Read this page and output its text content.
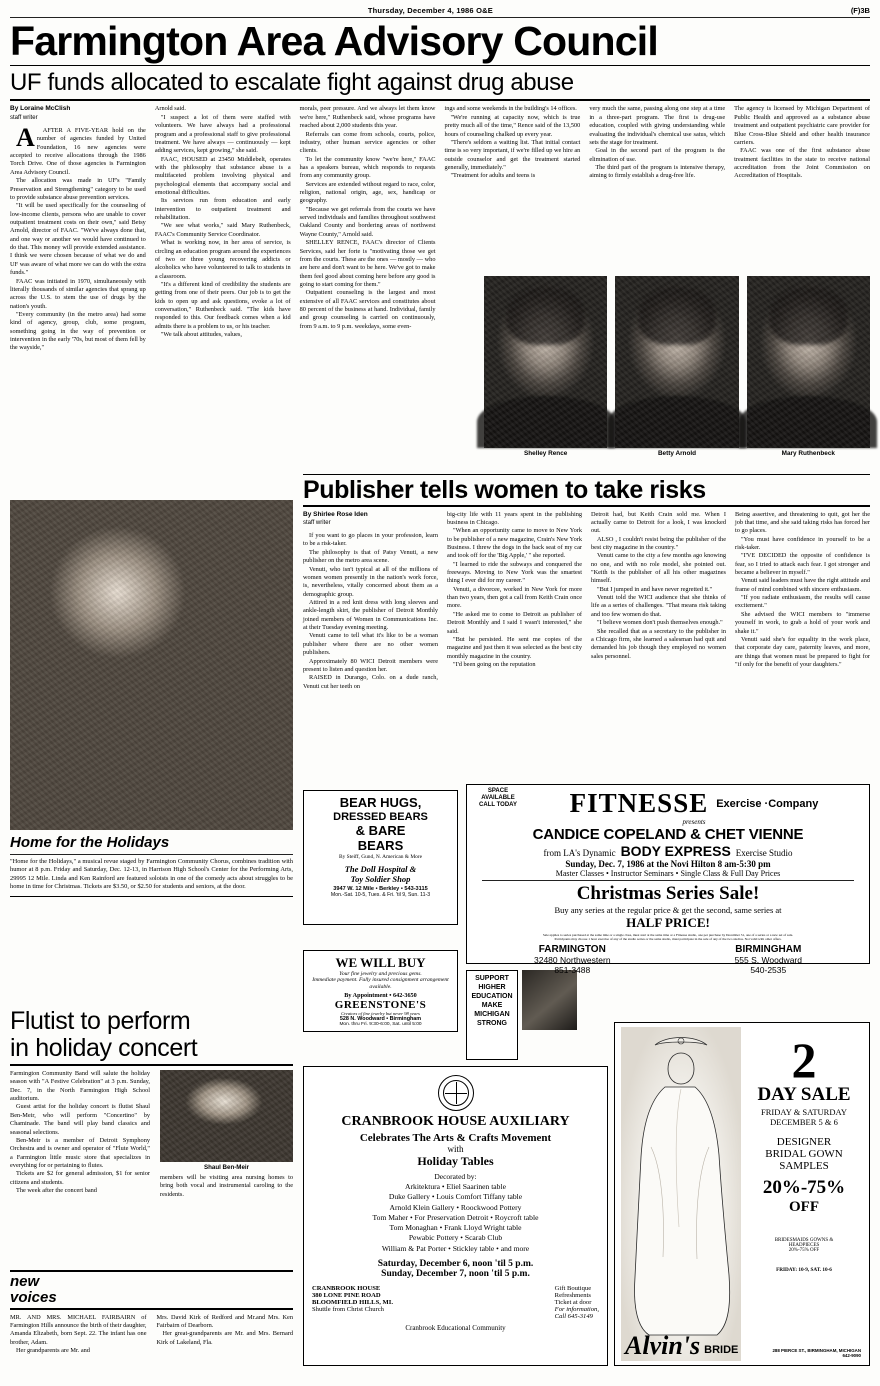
Thursday, December 4, 1986 O&E	(F)3B
Farmington Area Advisory Council
UF funds allocated to escalate fight against drug abuse
By Loraine McClish
staff writer

A	AFTER A FIVE-YEAR hold on the number of agencies funded by United Foundation, 16 new agencies were accepted to receive allocations through the 1986 Torch Drive. One of those agencies is Farmington Area Advisory Council.

The allocation was made in UF's "Family Preservation and Strengthening" category to be used to provide substance abuse prevention services.

"It will be used specifically for the counseling of low-income clients, persons who are unable to cover outpatient treatment costs on their own," said Betsy Arnold, director of FAAC. "We've always done that, and one way or another we would have continued to do that. This money will provide extended assistance. I think we were chosen because of what we do and UF was aware of what more we can do with the extra funds."

FAAC was initiated in 1970, simultaneously with literally thousands of similar agencies that sprang up across the U.S. to stem the use of drugs by the nation's youth.

"Every community (in the metro area) had some kind of agency, group, club, some program, something going in the way of prevention or intervention in the early '70s, but most of them fell by the wayside,"

Arnold said.

"I suspect a lot of them were staffed with volunteers. We have always had a professional program and a professional staff to give professional treatment. We have always — continuously — kept adding services, kept growing," she said.

FAAC, HOUSED at 23450 Middlebelt, operates with the philosophy that substance abuse is a multifaceted problem involving physical and psychological elements that accompany social and emotional difficulties.

Its services run from education and early intervention to outpatient treatment and rehabilitation.

"We see what works," said Mary Ruthenbeck, FAAC's Community Service Coordinator.

What is working now, in her area of service, is circling an education program around the experiences of two or three young recovering addicts or alcoholics who have volunteered to talk to students in a classroom.

"It's a different kind of credibility the students are getting from one of their peers. Our job is to get the kids to open up and ask questions, evoke a lot of conversation," Ruthenbeck said. "The kids have responded to this. Our feedback comes when a kid admits there is a problem to us, or his teacher.

"We talk about attitudes, values,

morals, peer pressure. And we always let them know we're here," Ruthenbeck said, whose programs have reached about 2,000 students this year.

Referrals can come from schools, courts, police, industry, other human service agencies or other clients.

To let the community know "we're here," FAAC has a speakers bureau, which responds to requests from any community group.

Services are extended without regard to race, color, religion, national origin, age, sex, handicap or geography.

"Because we get referrals from the courts we have served individuals and families throughout southwest Oakland County and bordering areas of northwest Wayne County," Arnold said.

SHELLEY RENCE, FAAC's director of Clients Services, said her forte is "motivating those we get from the courts. These are the ones — mostly — who are here and don't want to be here. We've got to make them feel good about coming here before any good is going to start coming for them."

Outpatient counseling is the largest and most extensive of all FAAC services and constitutes about 80 percent of the business at hand. Individual, family and group counseling is carried on continuously, from 9 a.m. to 9 p.m. weekdays, some even-

ings and some weekends in the building's 14 offices.

"We're running at capacity now, which is true pretty much all of the time," Rence said of the 13,500 hours of counseling chalked up every year.

"There's seldom a waiting list. That initial contact time is so very important, if we're filled up we hire an outside counselor and get the treatment started generally, immediately."

"Treatment for adults and teens is

very much the same, passing along one step at a time in a three-part program. The first is drug-use education, coupled with giving understanding while evaluating the individual's chemical use satus, which sets the stage for treatment.

Goal in the second part of the program is the elimination of use.

The third part of the program is intensive therapy, aiming to firmly establish a drug-free life.

The agency is licensed by Michigan Department of Public Health and approved as a substance abuse treatment and outpatient psychiatric care provider for Blue Cross-Blue Shield and other health insurance carriers.

FAAC was one of the first substance abuse treatment facilities in the state to receive national accreditation from the Joint Commission on Accreditation of Hospitals.

Shelley Rence	Betty Arnold	Mary Ruthenbeck
Publisher tells women to take risks
By Shirlee Rose Iden
staff writer

If you want to go places in your profession, learn to be a risk-taker.

The philosophy is that of Patsy Venuti, a new publisher on the metro area scene.

Venuti, who isn't typical at all of the millions of women women presently in the nation's work force, is, nevertheless, vitally concerned about them as a demographic group.

Attired in a red knit dress with long sleeves and ankle-length skirt, the publisher of Detroit Monthly joined members of Women in Communications Inc. at their Tuesday evening meeting.

Venuti came to tell what it's like to be a woman publisher where there are no other women publishers.

Approximately 80 WICI Detroit members were present to listen and question her.

RAISED in Durango, Colo. on a dude ranch, Venuti cut her teeth on

big-city life with 11 years spent in the publishing business in Chicago.

"When an opportunity came to move to New York to be publisher of a new magazine, Crain's New York Business. I threw the dogs in the back seat of my car and took off for the 'Big Apple,' " she reported.

"I learned to ride the subways and conquered the freeways. Moving to New York was the smartest thing I ever did for my career."

Venuti, a divorcee, worked in New York for more than two years, then got a call from Keith Crain once more.

"He asked me to come to Detroit as publisher of Detroit Monthly and I said I wasn't interested," she said.

"But he persisted. He sent me copies of the magazine and just then it was selected as the best city monthly magazine in the country.

"I'd been going on the reputation

Detroit had, but Keith Crain sold me. When I actually came to Detroit for a look, I was knocked out.

ALSO , I couldn't resist being the publisher of the best city magazine in the country."

Venuti came to the city a few months ago knowing no one, and with no role model, she pointed out. "Keith is the publisher of all his other magazines himself.

"But I jumped in and have never regretted it."

Venuti told the WICI audience that she thinks of life as a series of challenges. "That means risk taking and too few women do that.

"I believe women don't push themselves enough."

She recalled that as a secretary to the publisher in a Chicago firm, she learned a salesman had quit and demanded his job though they employed no women sales personnel.

Being assertive, and threatening to quit, got her the job that time, and she said taking risks has forced her to go places.

"You must have confidence in yourself to be a risk-taker.

"I'VE DECIDED the opposite of confidence is fear, so I tried to attack each fear. I got stronger and became a believer in myself."

Venuti said leaders must have the right attitude and frame of mind combined with sincere enthusiasm.

"If you radiate enthusiasm, the results will cause excitement."

She advised the WICI members to "immerse yourself in work, to grab a hold of your work and shake it."

Venuti said she's for equality in the work place, that corporate day care, paternity leaves, and more, are things that women must be prepared to fight for "if only for the benefit of your daughters."

Home for the Holidays
"Home for the Holidays," a musical revue staged by Farmington Community Chorus, combines tradition with humor at 8 p.m. Friday and Saturday, Dec. 12-13, in Harrison High School's Center for the Performing Arts, 29995 12 Mile. Linda and Ken Rainford are featured soloists in one of the comedy acts about struggles to be home in time for Christmas. Tickets are $3.50, or $2.50 for students and seniors, at the door.
Flutist to perform
in holiday concert

Farmington Community Band will salute the holiday season with "A Festive Celebration" at 3 p.m. Sunday, Dec. 7, in the North Farmington High School auditorium.

Guest artist for the holiday concert is flutist Shaul Ben-Meir, who will perform "Concertino" by Chaminade. The band will play band classics and seasonal selections.

Ben-Meir is a member of Detroit Symphony Orchestra and is owner and operator of "Flute World," a Farmington little music store that specializes in everything for or pertaining to flutes.

Tickets are $2 for general admission, $1 for senior citizens and students.

The week after the concert band

Shaul Ben-Meir

members will be visiting area nursing homes to bring both vocal and instrumental caroling to the residents.

new
voices

MR. AND MRS. MICHAEL FAIRBAIRN of Farmington Hills announce the birth of their daughter, Amanda Elizabeth, born Sept. 22. The infant has one brother, Adam.

Her grandparents are Mr. and

Mrs. David Kirk of Redford and Mr.and Mrs. Ken Fairbairn of Dearborn.

Her great-grandparents are Mr. and Mrs. Bernard Kirk of Lakeland, Fla.

BEAR HUGS,
DRESSED BEARS
& BARE
BEARS
By Steiff, Gund, N. American & More
The Doll Hospital &
Toy Soldier Shop
3947 W. 12 Mile • Berkley • 543-3115
Mon.-Sat. 10-5, Tues. & Fri. 'til 9, Sun. 11-3
WE WILL BUY
Your fine jewelry and precious gems.
Immediate payment. Fully insured consignment arrangement available.
By Appointment • 642-3650
GREENSTONE'S
Creators of fine jewelry but never 98 years
528 N. Woodward • Birmingham
Mon. thru Fri. 9:30-6:00, Sat. until 5:00
SUPPORT
HIGHER
EDUCATION
MAKE
MICHIGAN
STRONG
SPACE
AVAILABLE
CALL TODAY FITNESSE Exercise ·Company
presents
CANDICE COPELAND & CHET VIENNE
from LA's Dynamic BODY EXPRESS Exercise Studio
Sunday, Dec. 7, 1986 at the Novi Hilton 8 am-5:30 pm
Master Classes • Instructor Seminars • Single Class & Full Day Prices
Christmas Series Sale!
Buy any series at the regular price & get the second, same series at
HALF PRICE!
Sale applies to series purchased at the same time or a single class, must start at the same time or a Fitnesse studio, one per purchase by December 31, one of a series or a new set of sale.
Participants may choose 1 hour exercise of any of the studio series or the same studio, must participate in the sale of any of the two studios. Not valid with other offers.
FARMINGTON
32480 Northwestern
851-3488
BIRMINGHAM
555 S. Woodward
540-2535
CRANBROOK HOUSE AUXILIARY
Celebrates The Arts & Crafts Movement
with
Holiday Tables
Decorated by:
Arkitektura • Eliel Saarinen table
Duke Gallery • Louis Comfort Tiffany table
Arnold Klein Gallery • Roockwood Pottery
Tom Maher • For Preservation Detroit • Roycroft table
Tom Monaghan • Frank Lloyd Wright table
Pewabic Pottery • Scarab Club
William & Pat Porter • Stickley table • and more
Saturday, December 6, noon 'til 5 p.m.
Sunday, December 7, noon 'til 5 p.m.
CRANBROOK HOUSE
380 LONE PINE ROAD
BLOOMFIELD HILLS, MI.
Shuttle from Christ Church
Gift Boutique
Refreshments
Ticket at door
For information,
Call 645-3149
Cranbrook Educational Community
2
DAY SALE
FRIDAY & SATURDAY
DECEMBER 5 & 6
DESIGNER
BRIDAL GOWN
SAMPLES
20%-75%
OFF
BRIDESMAIDS GOWNS &
HEADPIECES
20%-75% OFF
FRIDAY: 10-9, SAT. 10-6
Alvin's BRIDE	288 PIERCE ST., BIRMINGHAM, MICHIGAN
642-9090
